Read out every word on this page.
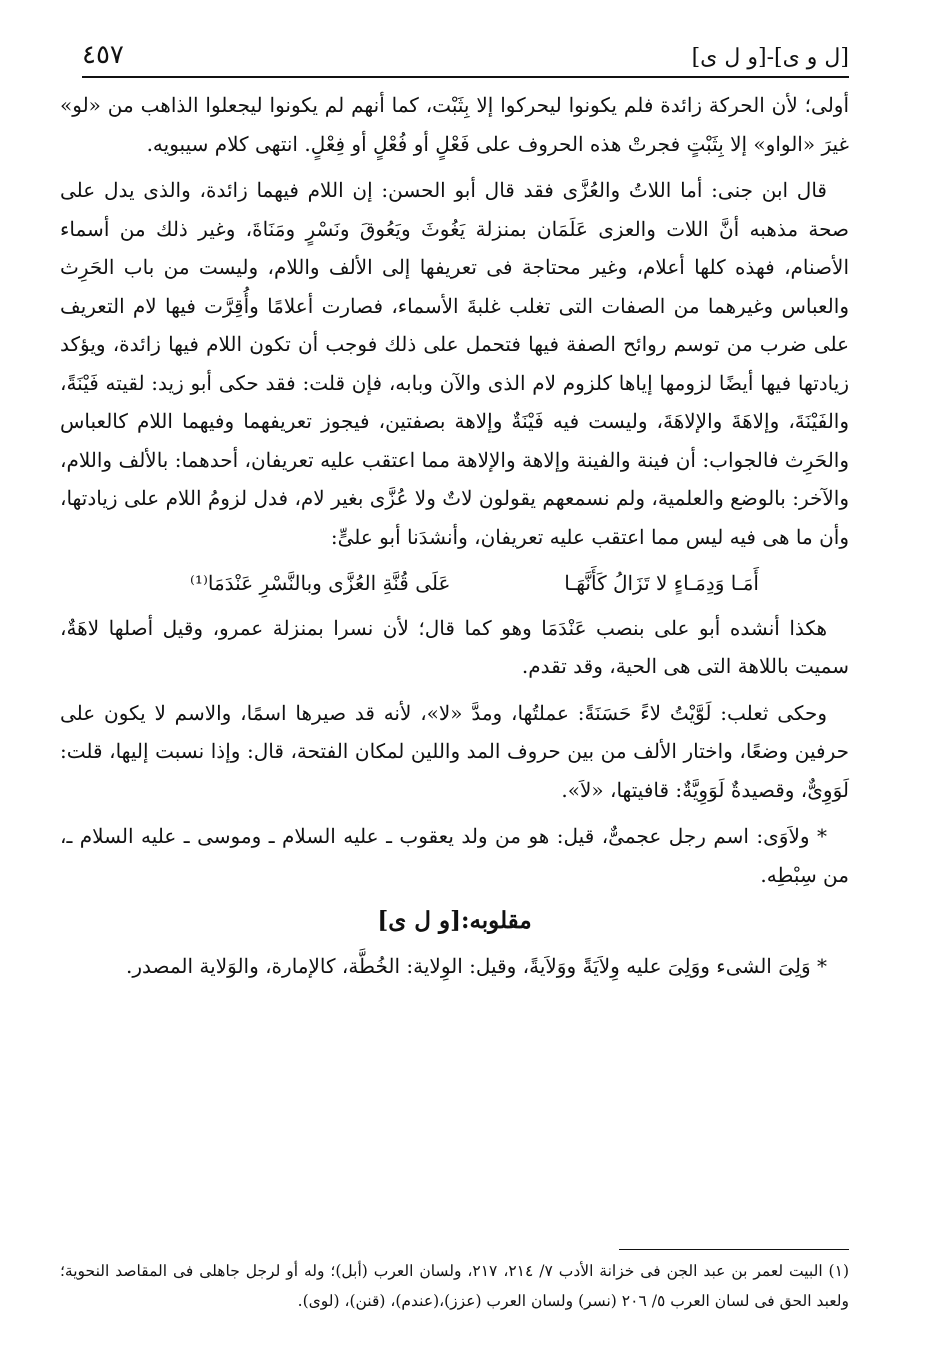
٤٥٧	[ل و ى]-[و ل ى]

أولى؛ لأن الحركة زائدة فلم يكونوا ليحركوا إلا بِثَبْت، كما أنهم لم يكونوا ليجعلوا الذاهب من «لو» غيرَ «الواو» إلا بِثَبْتٍ فجرتْ هذه الحروف على فَعْلٍ أو فُعْلٍ أو فِعْلٍ. انتهى كلام سيبويه.

قال ابن جنى: أما اللاتُ والعُزَّى فقد قال أبو الحسن: إن اللام فيهما زائدة، والذى يدل على صحة مذهبه أنَّ اللات والعزى عَلَمَان بمنزلة يَغُوثَ ويَعُوقَ ونَسْرٍ ومَنَاةَ، وغير ذلك من أسماء الأصنام، فهذه كلها أعلام، وغير محتاجة فى تعريفها إلى الألف واللام، وليست من باب الحَرِث والعباس وغيرهما من الصفات التى تغلب غلبةَ الأسماء، فصارت أعلامًا وأُقِرَّت فيها لام التعريف على ضرب من توسم روائح الصفة فيها فتحمل على ذلك فوجب أن تكون اللام فيها زائدة، ويؤكد زيادتها فيها أيضًا لزومها إياها كلزوم لام الذى والآن وبابه، فإن قلت: فقد حكى أبو زيد: لقيته فَيْنَةً، والفَيْنَةَ، وإلاهَةَ والإلاهَةَ، وليست فيه فَيْنَةٌ وإلاهة بصفتين، فيجوز تعريفهما وفيهما اللام كالعباس والحَرِث فالجواب: أن فينة والفينة وإلاهة والإلاهة مما اعتقب عليه تعريفان، أحدهما: بالألف واللام، والآخر: بالوضع والعلمية، ولم نسمعهم يقولون لاتٌ ولا عُزَّى بغير لام، فدل لزومُ اللام على زيادتها، وأن ما هى فيه ليس مما اعتقب عليه تعريفان، وأنشدَنا أبو علىٍّ:

أَمَـا وَدِمَـاءٍ لا تَزَالُ كَأَنَّهَـا
عَلَى قُنَّةِ العُزَّى وبالنَّسْرِ عَنْدَمَا⁽¹⁾

هكذا أنشده أبو على بنصب عَنْدَمَا وهو كما قال؛ لأن نسرا بمنزلة عمرو، وقيل أصلها لاهَةٌ، سميت باللاهة التى هى الحية، وقد تقدم.

وحكى ثعلب: لَوَّيْتُ لاءً حَسَنَةً: عملتُها، ومدَّ «لا»، لأنه قد صيرها اسمًا، والاسم لا يكون على حرفين وضعًا، واختار الألف من بين حروف المد واللين لمكان الفتحة، قال: وإذا نسبت إليها، قلت: لَوَوِىٌّ، وقصيدةٌ لَوَوِيَّةٌ: قافيتها، «لاَ».

* ولاَوَى: اسم رجل عجمىٌّ، قيل: هو من ولد يعقوب ـ عليه السلام ـ وموسى ـ عليه السلام ـ، من سِبْطِه.

مقلوبه:[و ل ى]

* وَلِىَ الشىء ووَلِىَ عليه وِلاَيَةً ووَلاَيةً، وقيل: الوِلاية: الخُطَّة، كالإمارة، والوَلاية المصدر.

(١) البيت لعمر بن عبد الجن فى خزانة الأدب ٧/ ٢١٤، ٢١٧، ولسان العرب (أبل)؛ وله أو لرجل جاهلى فى المقاصد النحوية؛ ولعبد الحق فى لسان العرب ٥/ ٢٠٦ (نسر) ولسان العرب (عزز)،(عندم)، (قنن)، (لوى).
